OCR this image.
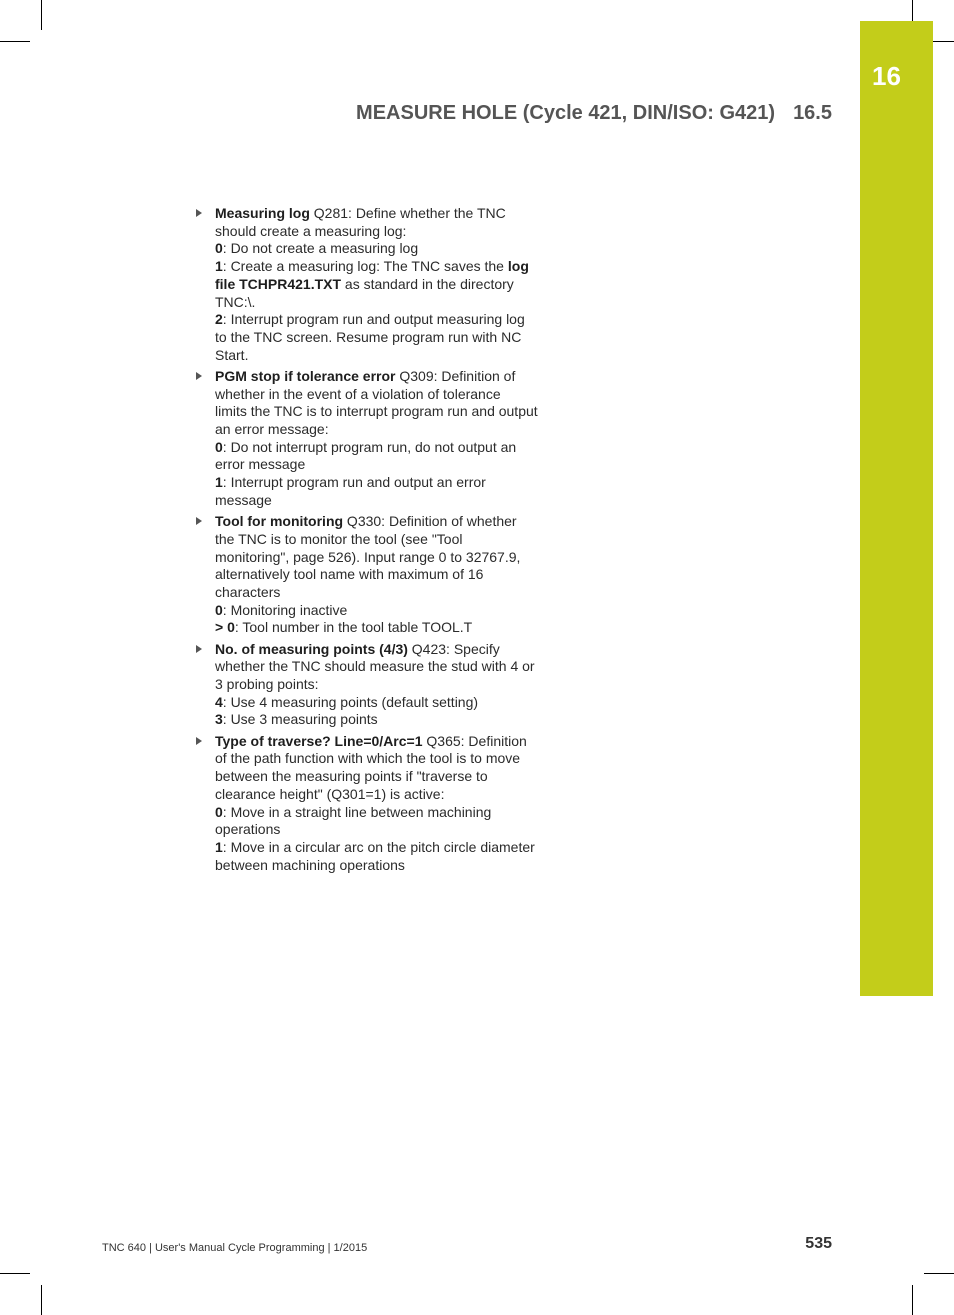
16
MEASURE HOLE (Cycle 421, DIN/ISO: G421) 16.5
Measuring log Q281: Define whether the TNC
should create a measuring log:
0: Do not create a measuring log
1: Create a measuring log: The TNC saves the log
file TCHPR421.TXT as standard in the directory
TNC:\.
2: Interrupt program run and output measuring log
to the TNC screen. Resume program run with NC
Start.
PGM stop if tolerance error Q309: Definition of
whether in the event of a violation of tolerance
limits the TNC is to interrupt program run and output
an error message:
0: Do not interrupt program run, do not output an
error message
1: Interrupt program run and output an error
message
Tool for monitoring Q330: Definition of whether
the TNC is to monitor the tool (see "Tool
monitoring", page 526). Input range 0 to 32767.9,
alternatively tool name with maximum of 16
characters
0: Monitoring inactive
> 0: Tool number in the tool table TOOL.T
No. of measuring points (4/3) Q423: Specify
whether the TNC should measure the stud with 4 or
3 probing points:
4: Use 4 measuring points (default setting)
3: Use 3 measuring points
Type of traverse? Line=0/Arc=1 Q365: Definition
of the path function with which the tool is to move
between the measuring points if "traverse to
clearance height" (Q301=1) is active:
0: Move in a straight line between machining
operations
1: Move in a circular arc on the pitch circle diameter
between machining operations
TNC 640 | User's Manual Cycle Programming | 1/2015	535
